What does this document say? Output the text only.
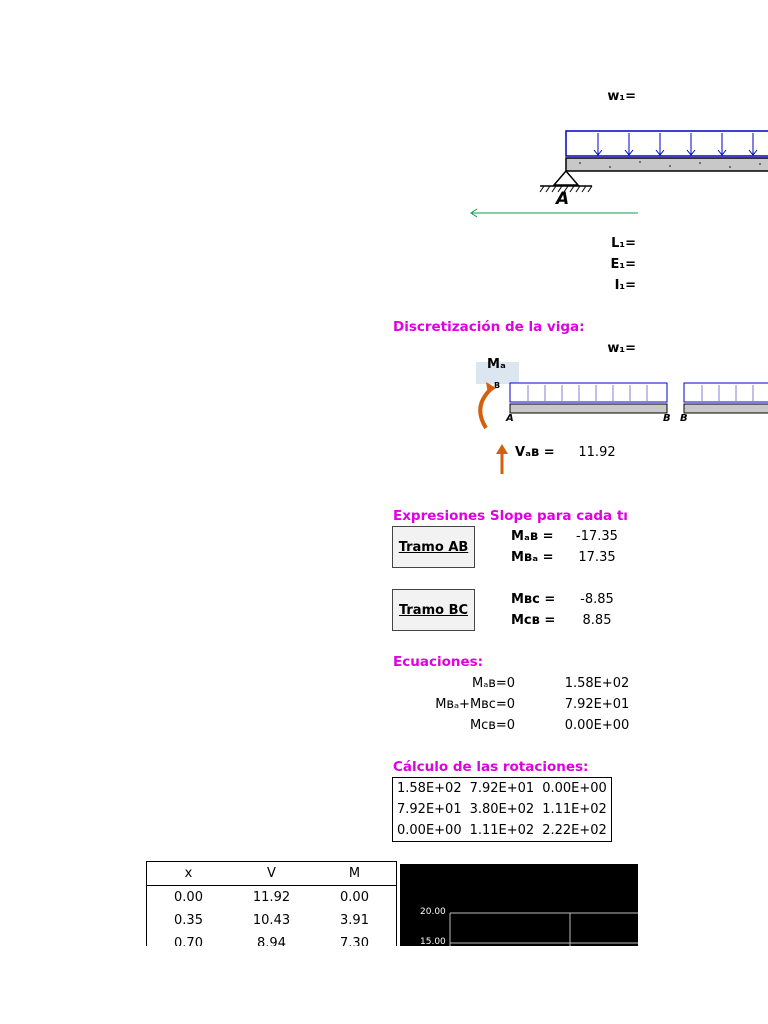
w₁=
A
L₁=
E₁=
I₁=
Discretización de la viga:
w₁=
Mₐ
B
A	B B
Vₐʙ =	11.92
Expresiones Slope para cada tı
Tramo AB
Mₐʙ =	-17.35
Mʙₐ =	17.35
Tramo BC
Mʙᴄ =	-8.85
Mᴄʙ =	8.85
Ecuaciones:
Mₐʙ=0	1.58E+02
Mʙₐ+Mʙᴄ=0	7.92E+01
Mᴄʙ=0	0.00E+00
Cálculo de las rotaciones:
1.58E+02	7.92E+01	0.00E+00
7.92E+01	3.80E+02	1.11E+02
0.00E+00	1.11E+02	2.22E+02
x	V	M
0.00	11.92	0.00
0.35	10.43	3.91
0.70	8.94	7.30
20.00
15.00
